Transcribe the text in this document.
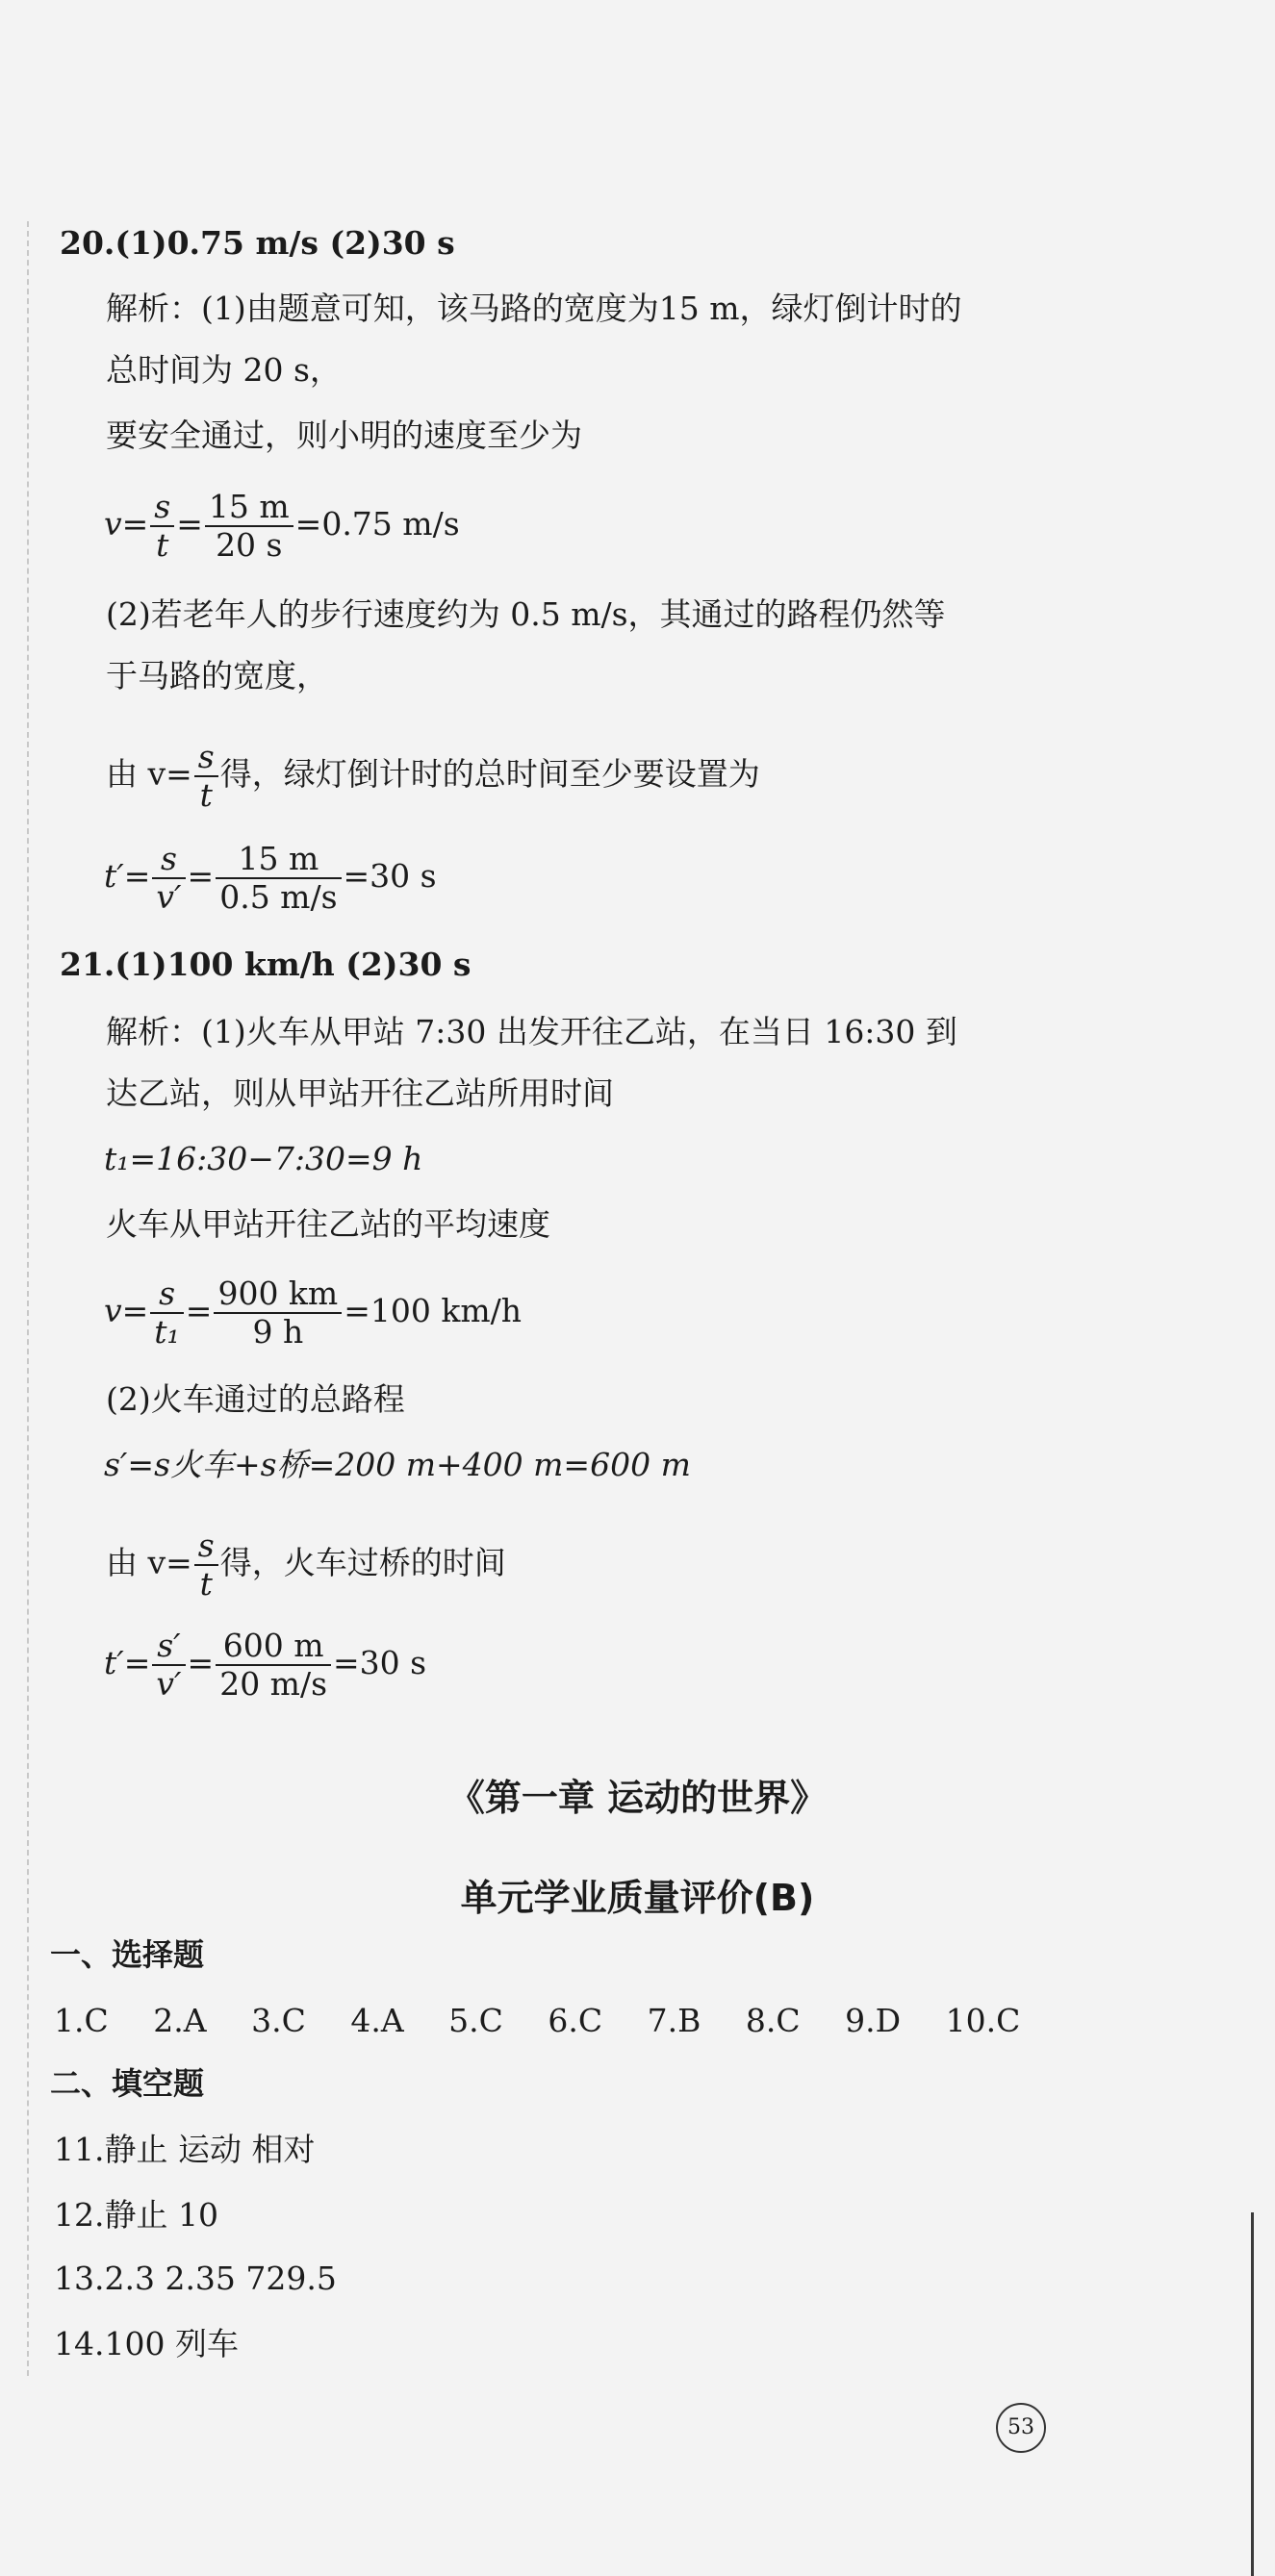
20.(1)0.75 m/s (2)30 s
解析：(1)由题意可知，该马路的宽度为15 m，绿灯倒计时的
总时间为 20 s，
要安全通过，则小明的速度至少为
$v= \frac{s}{t} = \frac{15 m}{20 s} =0.75$ m/s
(2)若老年人的步行速度约为 0.5 m/s，其通过的路程仍然等
于马路的宽度，
由 $v= \frac{s}{t}$ 得，绿灯倒计时的总时间至少要设置为
$t'= \frac{s}{v'} = \frac{15 m}{0.5 m/s} =30$ s
21.(1)100 km/h (2)30 s
解析：(1)火车从甲站 7:30 出发开往乙站，在当日 16:30 到
达乙站，则从甲站开往乙站所用时间
t₁=16:30−7:30=9 h
火车从甲站开往乙站的平均速度
$v= \frac{s}{\text{t₁}} = \frac{900 km}{9 h} =100$ km/h
(2)火车通过的总路程
s′=s火车+s桥=200 m+400 m=600 m
由 $v= \frac{s}{t}$ 得，火车过桥的时间
$t'= \frac{s'}{v'} = \frac{600 m}{20 m/s} =30$ s
《第一章 运动的世界》
单元学业质量评价(B)
一、选择题
1.C 2.A 3.C 4.A 5.C 6.C 7.B 8.C 9.D 10.C
二、填空题
11.静止 运动 相对
12.静止 10
13.2.3 2.35 729.5
14.100 列车
53
